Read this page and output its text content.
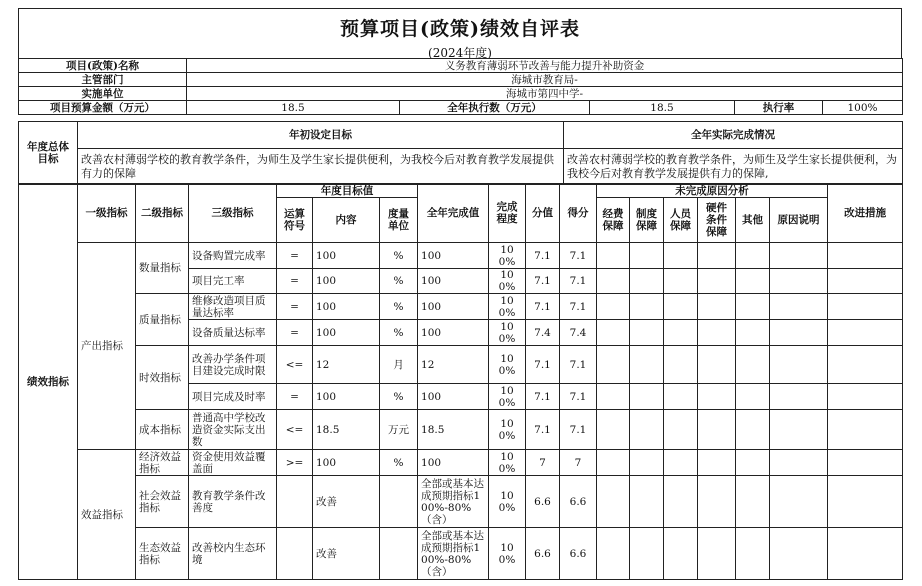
预算项目(政策)绩效自评表
(2024年度)
项目(政策)名称	义务教育薄弱环节改善与能力提升补助资金				
主管部门	海城市教育局-				
实施单位	海城市第四中学-				
项目预算金额（万元）	18.5	全年执行数（万元）	18.5	执行率	100%
年度总体目标	年初设定目标	全年实际完成情况
	改善农村薄弱学校的教育教学条件，为师生及学生家长提供便利，为我校今后对教育教学发展提供有力的保障	改善农村薄弱学校的教育教学条件，为师生及学生家长提供便利，为我校今后对教育教学发展提供有力的保障,
绩效指标	一级指标	二级指标	三级指标	年度目标值			全年完成值	完成程度	分值	得分	未完成原因分析						改进措施
				运算符号	内容	度量单位					经费保障	制度保障	人员保障	硬件条件保障	其他	原因说明	
	产出指标	数量指标	设备购置完成率	=	100	%	100	100%	7.1	7.1							
			项目完工率	=	100	%	100	100%	7.1	7.1							
		质量指标	维修改造项目质量达标率	=	100	%	100	100%	7.1	7.1							
			设备质量达标率	=	100	%	100	100%	7.4	7.4							
		时效指标	改善办学条件项目建设完成时限	<=	12	月	12	100%	7.1	7.1							
			项目完成及时率	=	100	%	100	100%	7.1	7.1							
		成本指标	普通高中学校改造资金实际支出数	<=	18.5	万元	18.5	100%	7.1	7.1							
	效益指标	经济效益指标	资金使用效益覆盖面	>=	100	%	100	100%	7	7							
		社会效益指标	教育教学条件改善度		改善		全部或基本达成预期指标100%-80%（含）	100%	6.6	6.6							
		生态效益指标	改善校内生态环境		改善		全部或基本达成预期指标100%-80%（含）	100%	6.6	6.6							
